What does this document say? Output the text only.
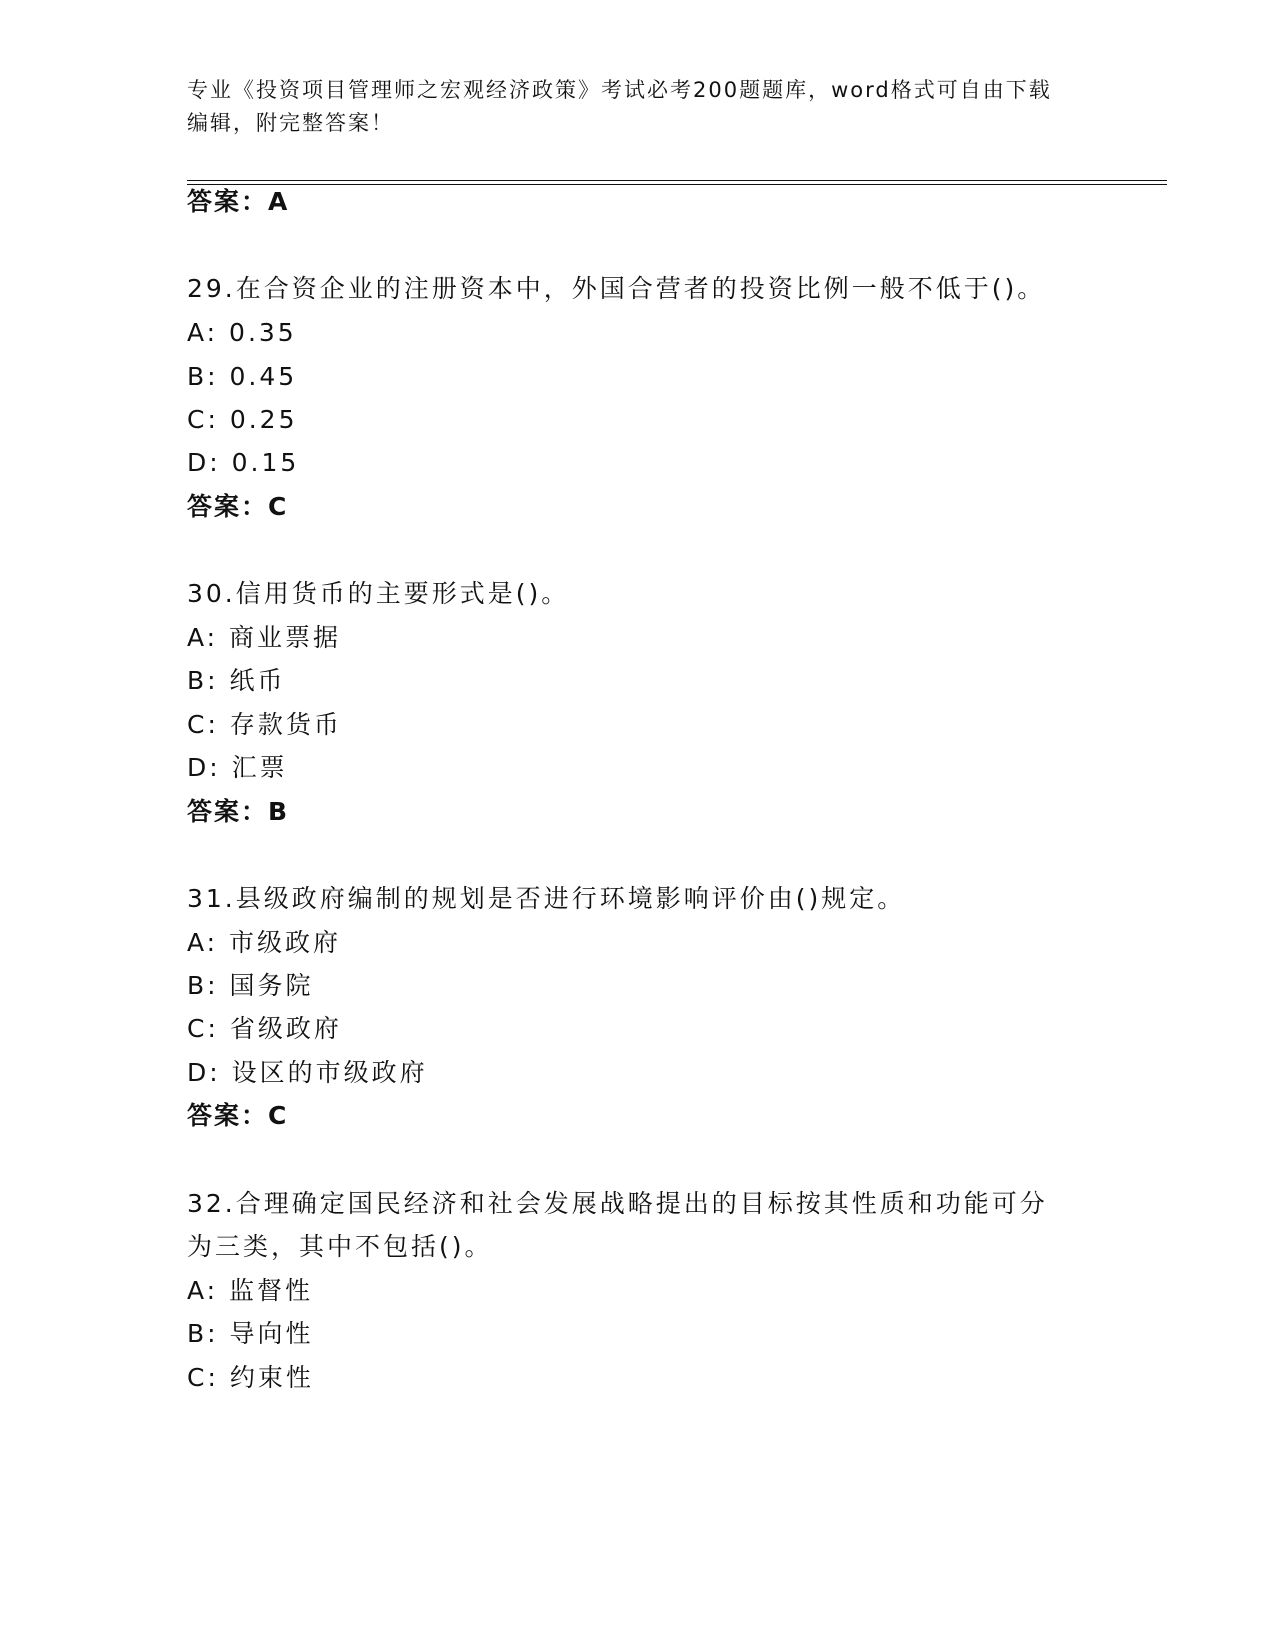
专业《投资项目管理师之宏观经济政策》考试必考200题题库，word格式可自由下载编辑，附完整答案！
答案：A
29.在合资企业的注册资本中，外国合营者的投资比例一般不低于()。
A: 0.35
B: 0.45
C: 0.25
D: 0.15
答案：C
30.信用货币的主要形式是()。
A: 商业票据
B: 纸币
C: 存款货币
D: 汇票
答案：B
31.县级政府编制的规划是否进行环境影响评价由()规定。
A: 市级政府
B: 国务院
C: 省级政府
D: 设区的市级政府
答案：C
32.合理确定国民经济和社会发展战略提出的目标按其性质和功能可分
为三类，其中不包括()。
A: 监督性
B: 导向性
C: 约束性
